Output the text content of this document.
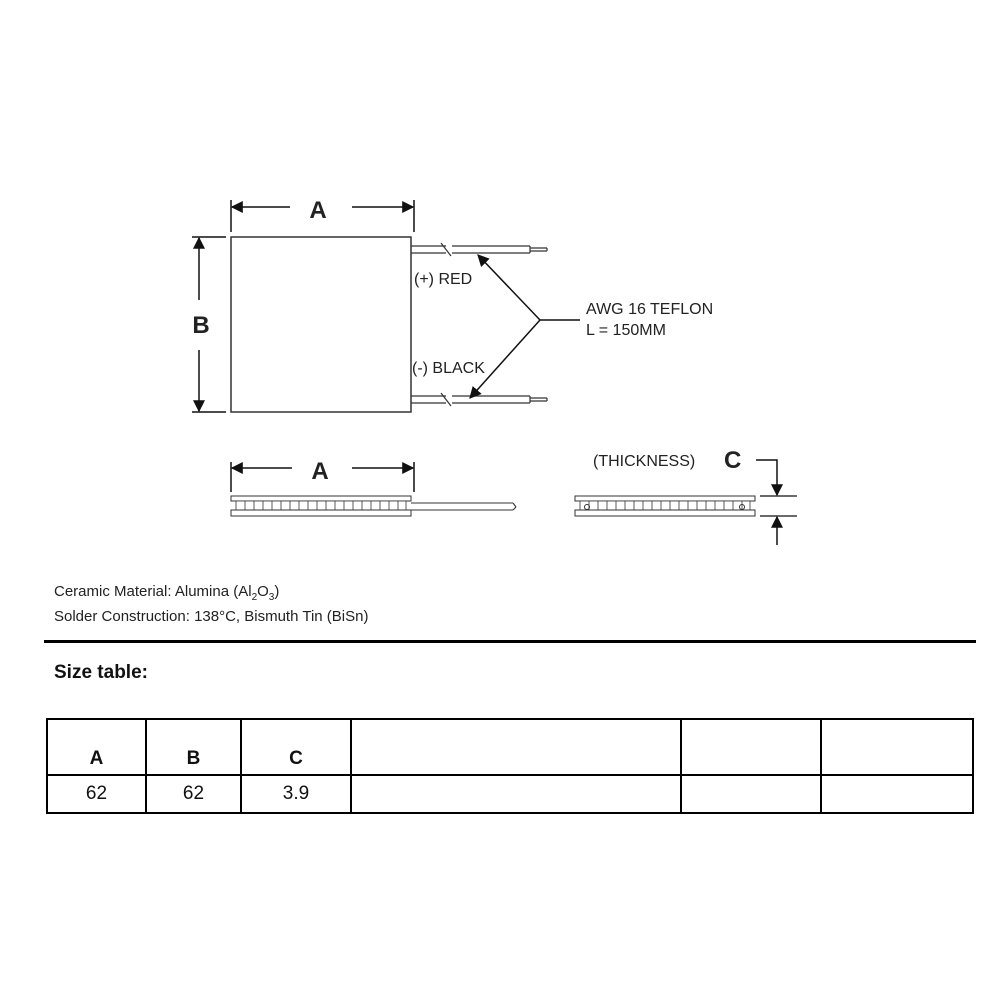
A
B
(+) RED
(-) BLACK
AWG 16 TEFLON
L = 150MM
A	(THICKNESS) C
Ceramic Material: Alumina $(Al_2O_3)$
Solder Construction: 138°C, Bismuth Tin (BiSn)
Size table:
A	B	C			
62	62	3.9			
